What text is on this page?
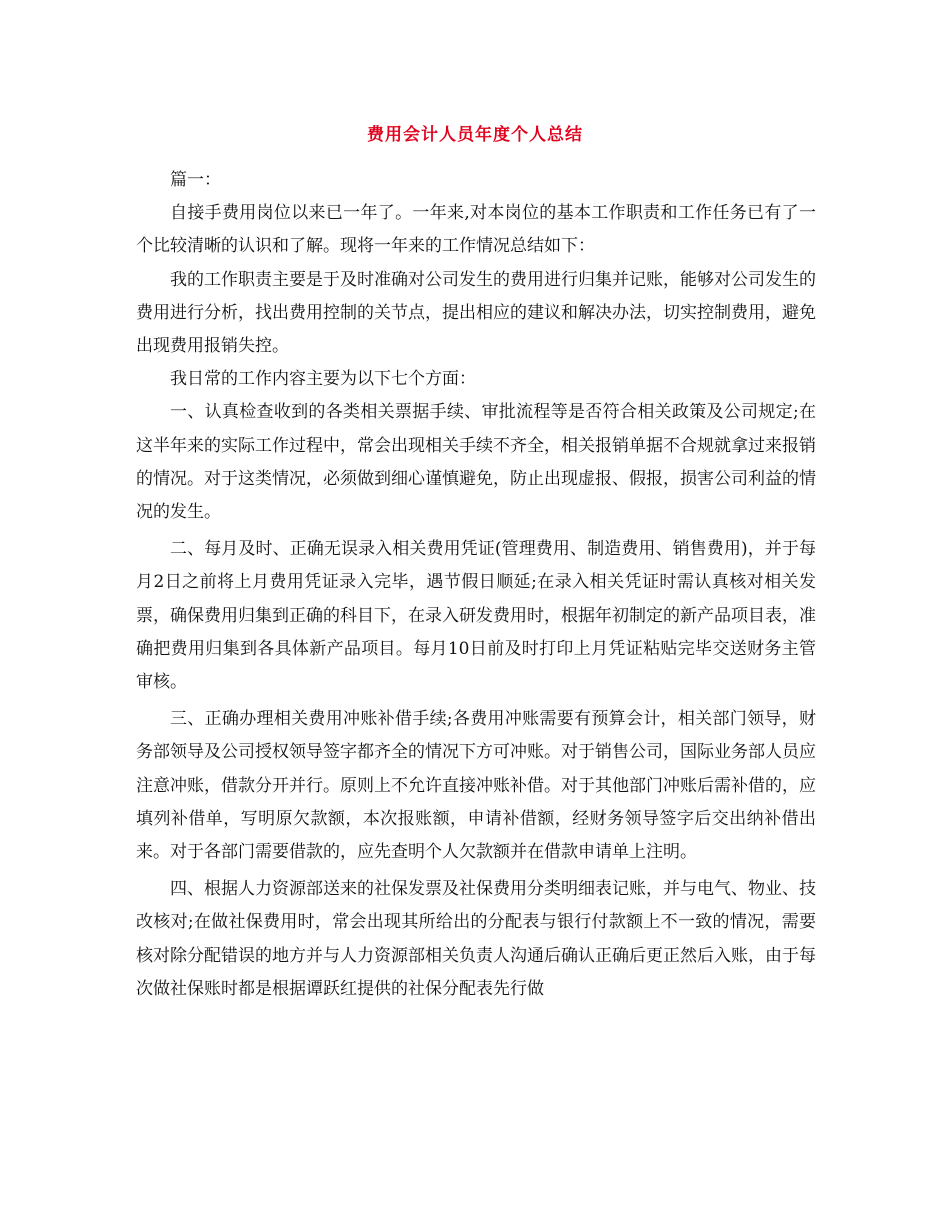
费用会计人员年度个人总结

篇一：

自接手费用岗位以来已一年了。一年来,对本岗位的基本工作职责和工作任务已有了一个比较清晰的认识和了解。现将一年来的工作情况总结如下：

我的工作职责主要是于及时准确对公司发生的费用进行归集并记账，能够对公司发生的费用进行分析，找出费用控制的关节点，提出相应的建议和解决办法，切实控制费用，避免出现费用报销失控。

我日常的工作内容主要为以下七个方面：

一、认真检查收到的各类相关票据手续、审批流程等是否符合相关政策及公司规定;在这半年来的实际工作过程中，常会出现相关手续不齐全，相关报销单据不合规就拿过来报销的情况。对于这类情况，必须做到细心谨慎避免，防止出现虚报、假报，损害公司利益的情况的发生。

二、每月及时、正确无误录入相关费用凭证(管理费用、制造费用、销售费用)，并于每月2日之前将上月费用凭证录入完毕，遇节假日顺延;在录入相关凭证时需认真核对相关发票，确保费用归集到正确的科目下，在录入研发费用时，根据年初制定的新产品项目表，准确把费用归集到各具体新产品项目。每月10日前及时打印上月凭证粘贴完毕交送财务主管审核。

三、正确办理相关费用冲账补借手续;各费用冲账需要有预算会计，相关部门领导，财务部领导及公司授权领导签字都齐全的情况下方可冲账。对于销售公司，国际业务部人员应注意冲账，借款分开并行。原则上不允许直接冲账补借。对于其他部门冲账后需补借的，应填列补借单，写明原欠款额，本次报账额，申请补借额，经财务领导签字后交出纳补借出来。对于各部门需要借款的，应先查明个人欠款额并在借款申请单上注明。

四、根据人力资源部送来的社保发票及社保费用分类明细表记账，并与电气、物业、技改核对;在做社保费用时，常会出现其所给出的分配表与银行付款额上不一致的情况，需要核对除分配错误的地方并与人力资源部相关负责人沟通后确认正确后更正然后入账，由于每次做社保账时都是根据谭跃红提供的社保分配表先行做
